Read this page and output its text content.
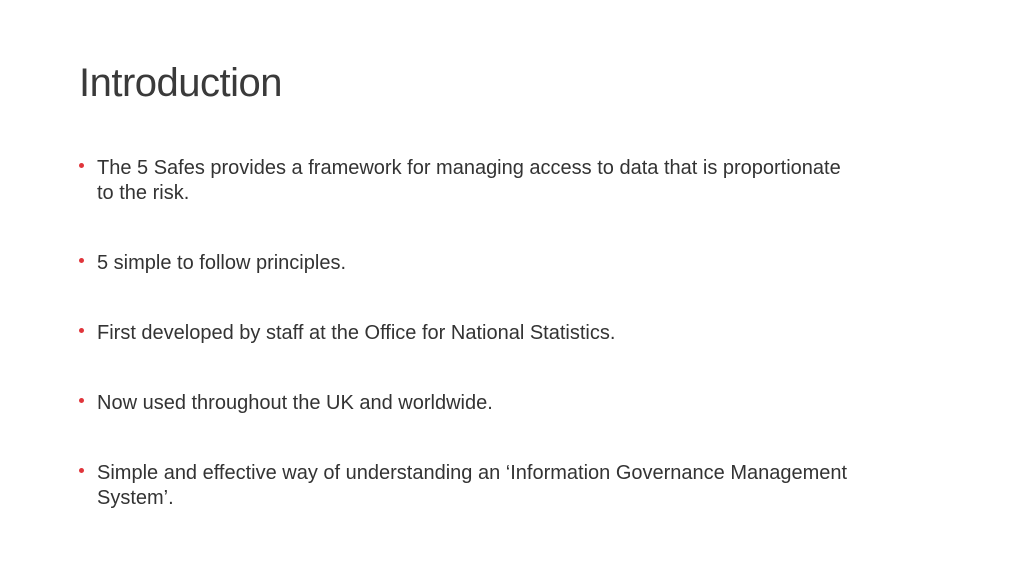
Introduction
The 5 Safes provides a framework for managing access to data that is proportionate to the risk.
5 simple to follow principles.
First developed by staff at the Office for National Statistics.
Now used throughout the UK and worldwide.
Simple and effective way of understanding an ‘Information Governance Management System’.
